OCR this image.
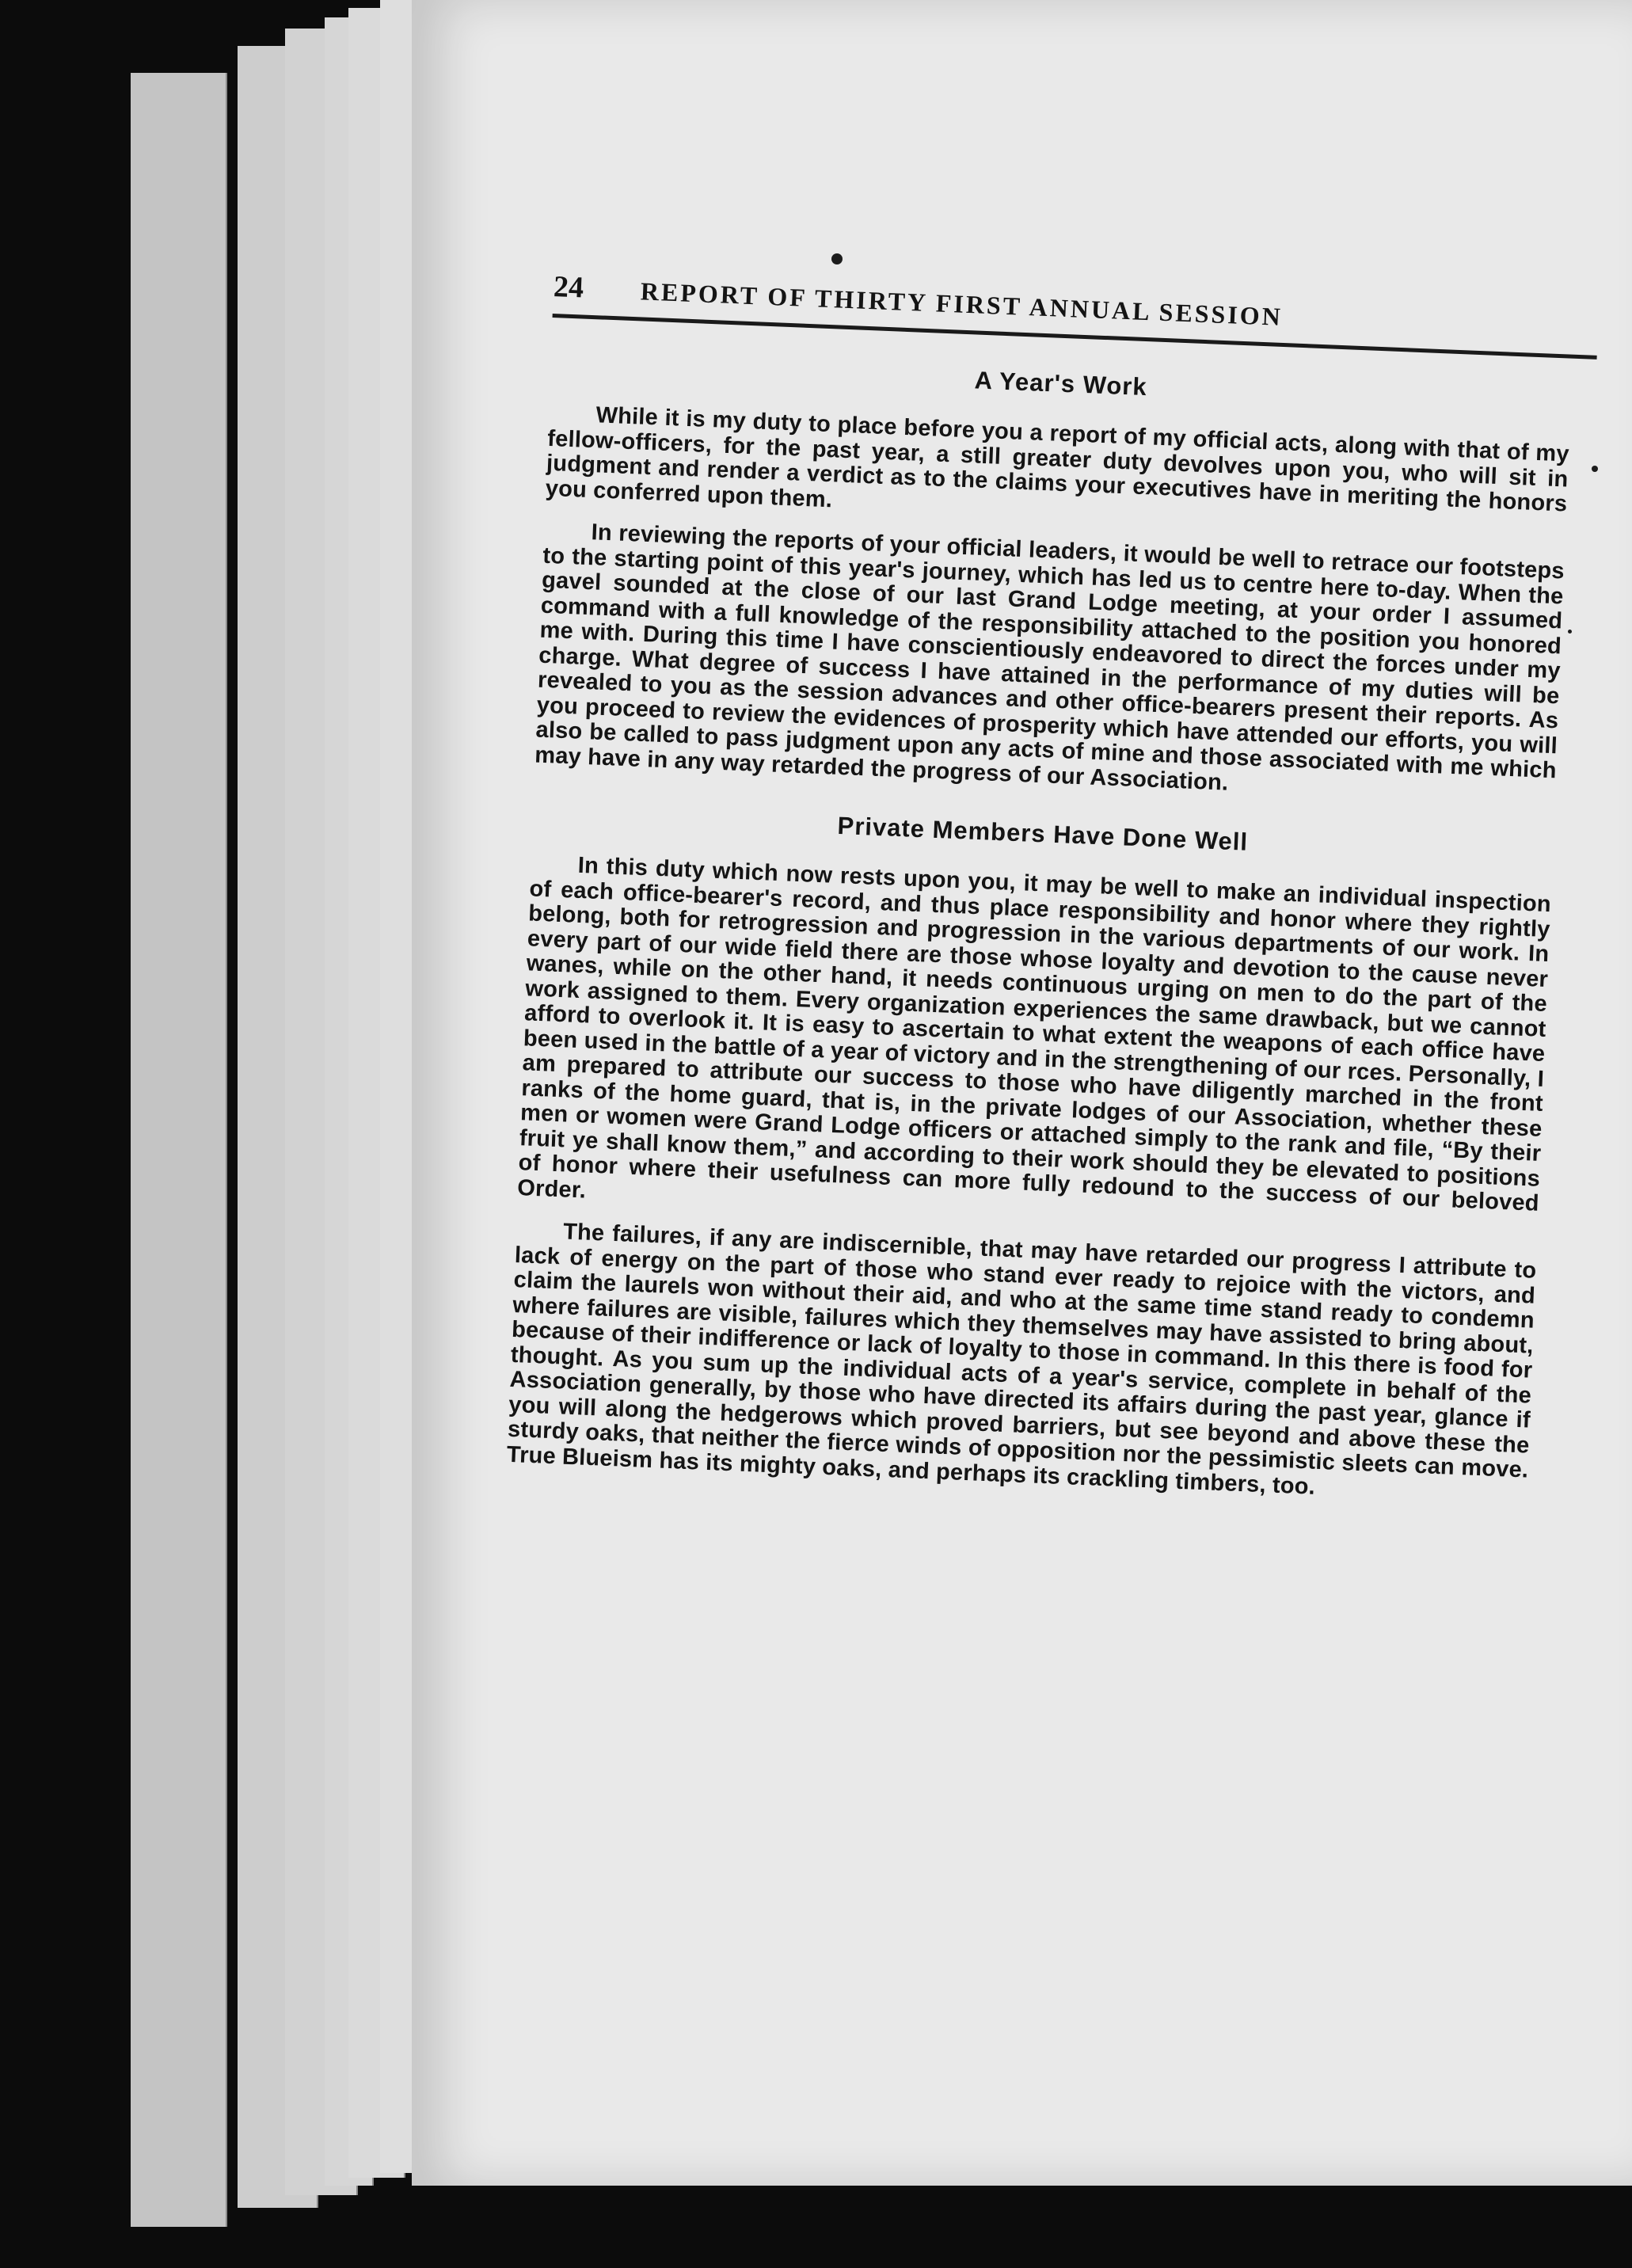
24	REPORT OF THIRTY FIRST ANNUAL SESSION
A Year's Work

While it is my duty to place before you a report of my official acts, along with that of my fellow-officers, for the past year, a still greater duty devolves upon you, who will sit in judgment and render a verdict as to the claims your executives have in meriting the honors you conferred upon them.

In reviewing the reports of your official leaders, it would be well to retrace our footsteps to the starting point of this year's journey, which has led us to centre here to-day. When the gavel sounded at the close of our last Grand Lodge meeting, at your order I assumed command with a full knowledge of the responsibility attached to the position you honored me with. During this time I have conscientiously endeavored to direct the forces under my charge. What degree of success I have attained in the performance of my duties will be revealed to you as the session advances and other office-bearers present their reports. As you proceed to review the evidences of prosperity which have attended our efforts, you will also be called to pass judgment upon any acts of mine and those associated with me which may have in any way retarded the progress of our Association.

Private Members Have Done Well

In this duty which now rests upon you, it may be well to make an individual inspection of each office-bearer's record, and thus place responsibility and honor where they rightly belong, both for retrogression and progression in the various departments of our work. In every part of our wide field there are those whose loyalty and devotion to the cause never wanes, while on the other hand, it needs continuous urging on men to do the part of the work assigned to them. Every organization experiences the same drawback, but we cannot afford to overlook it. It is easy to ascertain to what extent the weapons of each office have been used in the battle of a year of victory and in the strengthening of our rces. Personally, I am prepared to attribute our success to those who have diligently marched in the front ranks of the home guard, that is, in the private lodges of our Association, whether these men or women were Grand Lodge officers or attached simply to the rank and file, “By their fruit ye shall know them,” and according to their work should they be elevated to positions of honor where their usefulness can more fully redound to the success of our beloved Order.

The failures, if any are indiscernible, that may have retarded our progress I attribute to lack of energy on the part of those who stand ever ready to rejoice with the victors, and claim the laurels won without their aid, and who at the same time stand ready to condemn where failures are visible, failures which they themselves may have assisted to bring about, because of their indifference or lack of loyalty to those in command. In this there is food for thought. As you sum up the individual acts of a year's service, complete in behalf of the Association generally, by those who have directed its affairs during the past year, glance if you will along the hedgerows which proved barriers, but see beyond and above these the sturdy oaks, that neither the fierce winds of opposition nor the pessimistic sleets can move. True Blueism has its mighty oaks, and perhaps its crackling timbers, too.
